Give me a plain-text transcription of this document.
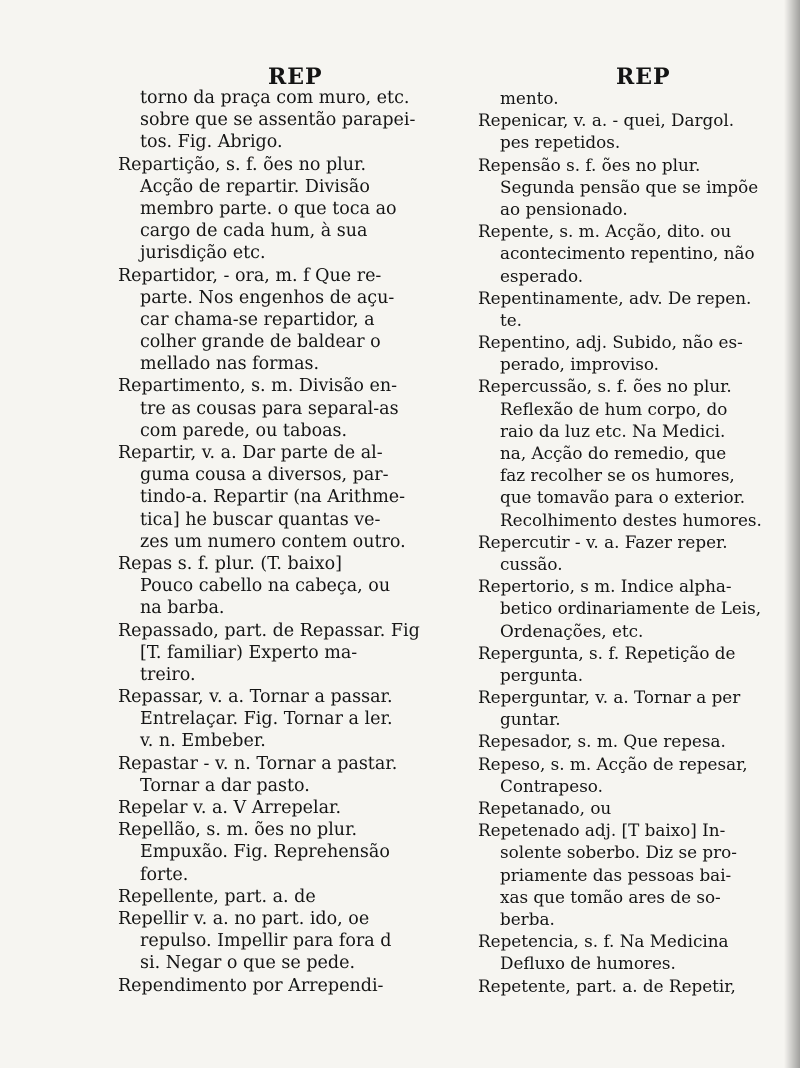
REP	REP
torno da praça com muro, etc.
sobre que se assentão parapei-
tos. Fig. Abrigo.
Repartição, s. f. ões no plur.
Acção de repartir. Divisão
membro parte. o que toca ao
cargo de cada hum, à sua
jurisdição etc.
Repartidor, - ora, m. f Que re-
parte. Nos engenhos de açu-
car chama-se repartidor, a
colher grande de baldear o
mellado nas formas.
Repartimento, s. m. Divisão en-
tre as cousas para separal-as
com parede, ou taboas.
Repartir, v. a. Dar parte de al-
guma cousa a diversos, par-
tindo-a. Repartir (na Arithme-
tica] he buscar quantas ve-
zes um numero contem outro.
Repas s. f. plur. (T. baixo]
Pouco cabello na cabeça, ou
na barba.
Repassado, part. de Repassar. Fig
[T. familiar) Experto ma-
treiro.
Repassar, v. a. Tornar a passar.
Entrelaçar. Fig. Tornar a ler.
v. n. Embeber.
Repastar - v. n. Tornar a pastar.
Tornar a dar pasto.
Repelar v. a. V Arrepelar.
Repellão, s. m. ões no plur.
Empuxão. Fig. Reprehensão
forte.
Repellente, part. a. de
Repellir v. a. no part. ido, oe
repulso. Impellir para fora d
si. Negar o que se pede.
Rependimento por Arrependi-
mento.
Repenicar, v. a. - quei, Dargol.
pes repetidos.
Repensão s. f. ões no plur.
Segunda pensão que se impõe
ao pensionado.
Repente, s. m. Acção, dito. ou
acontecimento repentino, não
esperado.
Repentinamente, adv. De repen.
te.
Repentino, adj. Subido, não es-
perado, improviso.
Repercussão, s. f. ões no plur.
Reflexão de hum corpo, do
raio da luz etc. Na Medici.
na, Acção do remedio, que
faz recolher se os humores,
que tomavão para o exterior.
Recolhimento destes humores.
Repercutir - v. a. Fazer reper.
cussão.
Repertorio, s m. Indice alpha-
betico ordinariamente de Leis,
Ordenações, etc.
Repergunta, s. f. Repetição de
pergunta.
Reperguntar, v. a. Tornar a per
guntar.
Repesador, s. m. Que repesa.
Repeso, s. m. Acção de repesar,
Contrapeso.
Repetanado, ou
Repetenado adj. [T baixo] In-
solente soberbo. Diz se pro-
priamente das pessoas bai-
xas que tomão ares de so-
berba.
Repetencia, s. f. Na Medicina
Defluxo de humores.
Repetente, part. a. de Repetir,
